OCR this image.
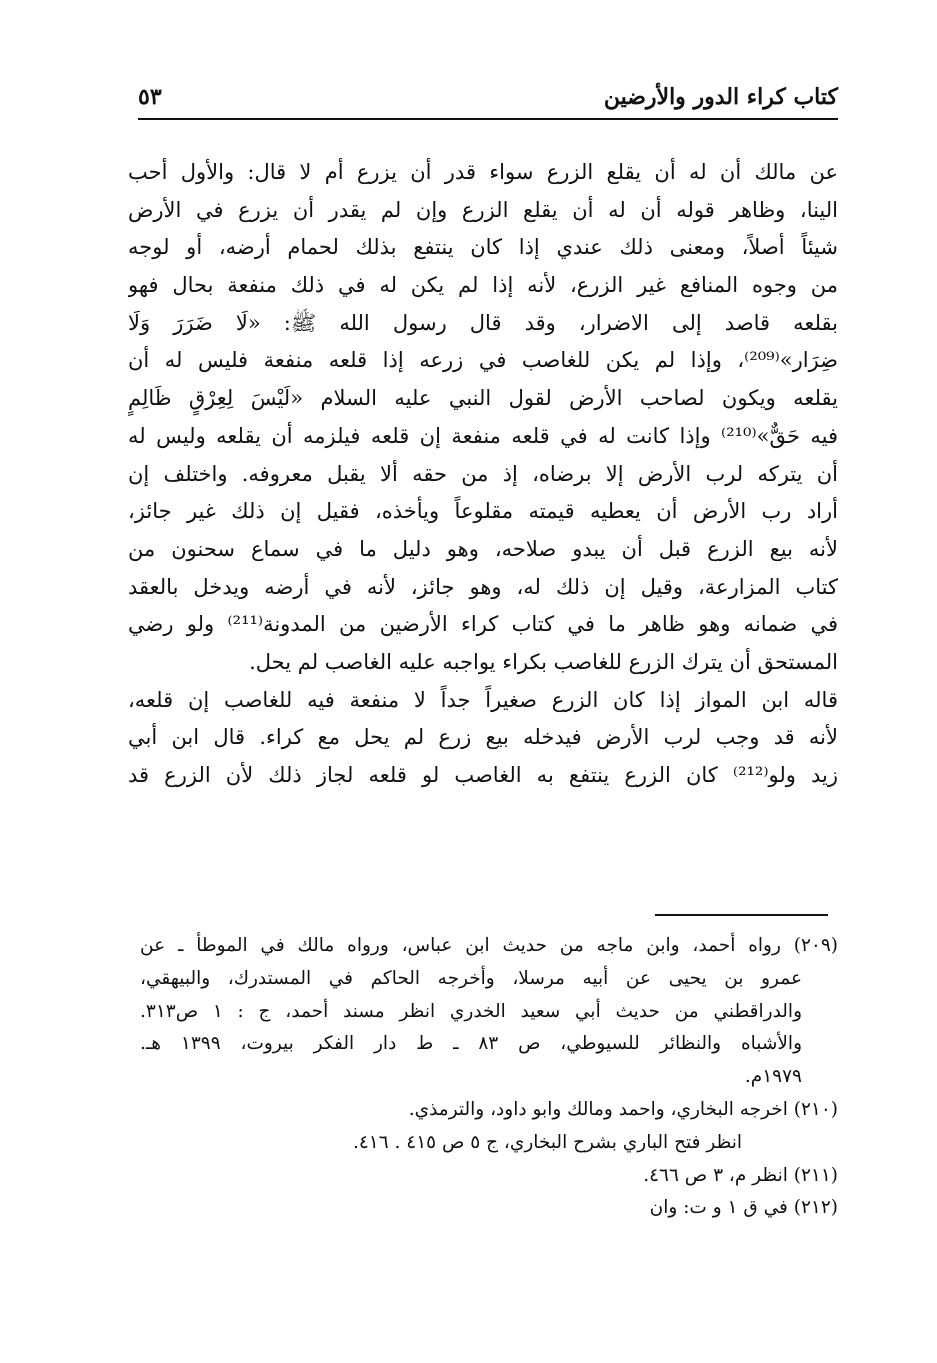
كتاب كراء الدور والأرضين
٥٣
عن مالك أن له أن يقلع الزرع سواء قدر أن يزرع أم لا قال: والأول أحب
الينا، وظاهر قوله أن له أن يقلع الزرع وإن لم يقدر أن يزرع في الأرض
شيئاً أصلاً، ومعنى ذلك عندي إذا كان ينتفع بذلك لحمام أرضه، أو لوجه
من وجوه المنافع غير الزرع، لأنه إذا لم يكن له في ذلك منفعة بحال فهو
بقلعه قاصد إلى الاضرار، وقد قال رسول الله ﷺ: «لَا ضَرَرَ وَلَا
ضِرَار»⁽²⁰⁹⁾، وإذا لم يكن للغاصب في زرعه إذا قلعه منفعة فليس له أن
يقلعه ويكون لصاحب الأرض لقول النبي عليه السلام «لَيْسَ لِعِرْقٍ ظَالِمٍ
فيه حَقٌّ»⁽²¹⁰⁾ وإذا كانت له في قلعه منفعة إن قلعه فيلزمه أن يقلعه وليس له
أن يتركه لرب الأرض إلا برضاه، إذ من حقه ألا يقبل معروفه. واختلف إن
أراد رب الأرض أن يعطيه قيمته مقلوعاً ويأخذه، فقيل إن ذلك غير جائز،
لأنه بيع الزرع قبل أن يبدو صلاحه، وهو دليل ما في سماع سحنون من
كتاب المزارعة، وقيل إن ذلك له، وهو جائز، لأنه في أرضه ويدخل بالعقد
في ضمانه وهو ظاهر ما في كتاب كراء الأرضين من المدونة⁽²¹¹⁾ ولو رضي
المستحق أن يترك الزرع للغاصب بكراء يواجبه عليه الغاصب لم يحل.
قاله ابن المواز إذا كان الزرع صغيراً جداً لا منفعة فيه للغاصب إن قلعه،
لأنه قد وجب لرب الأرض فيدخله بيع زرع لم يحل مع كراء. قال ابن أبي
زيد ولو⁽²¹²⁾ كان الزرع ينتفع به الغاصب لو قلعه لجاز ذلك لأن الزرع قد
(٢٠٩) رواه أحمد، وابن ماجه من حديث ابن عباس، ورواه مالك في الموطأ ـ عن
عمرو بن يحيى عن أبيه مرسلا، وأخرجه الحاكم في المستدرك، والبيهقي،
والدراقطني من حديث أبي سعيد الخدري انظر مسند أحمد، ج : ١ ص٣١٣.
والأشباه والنظائر للسيوطي، ص ٨٣ ـ ط دار الفكر بيروت، ١٣٩٩ هـ.
١٩٧٩م.
(٢١٠) اخرجه البخاري، واحمد ومالك وابو داود، والترمذي.
انظر فتح الباري بشرح البخاري، ج ٥ ص ٤١٥ . ٤١٦.
(٢١١) انظر م، ٣ ص ٤٦٦.
(٢١٢) في ق ١ و ت: وان
